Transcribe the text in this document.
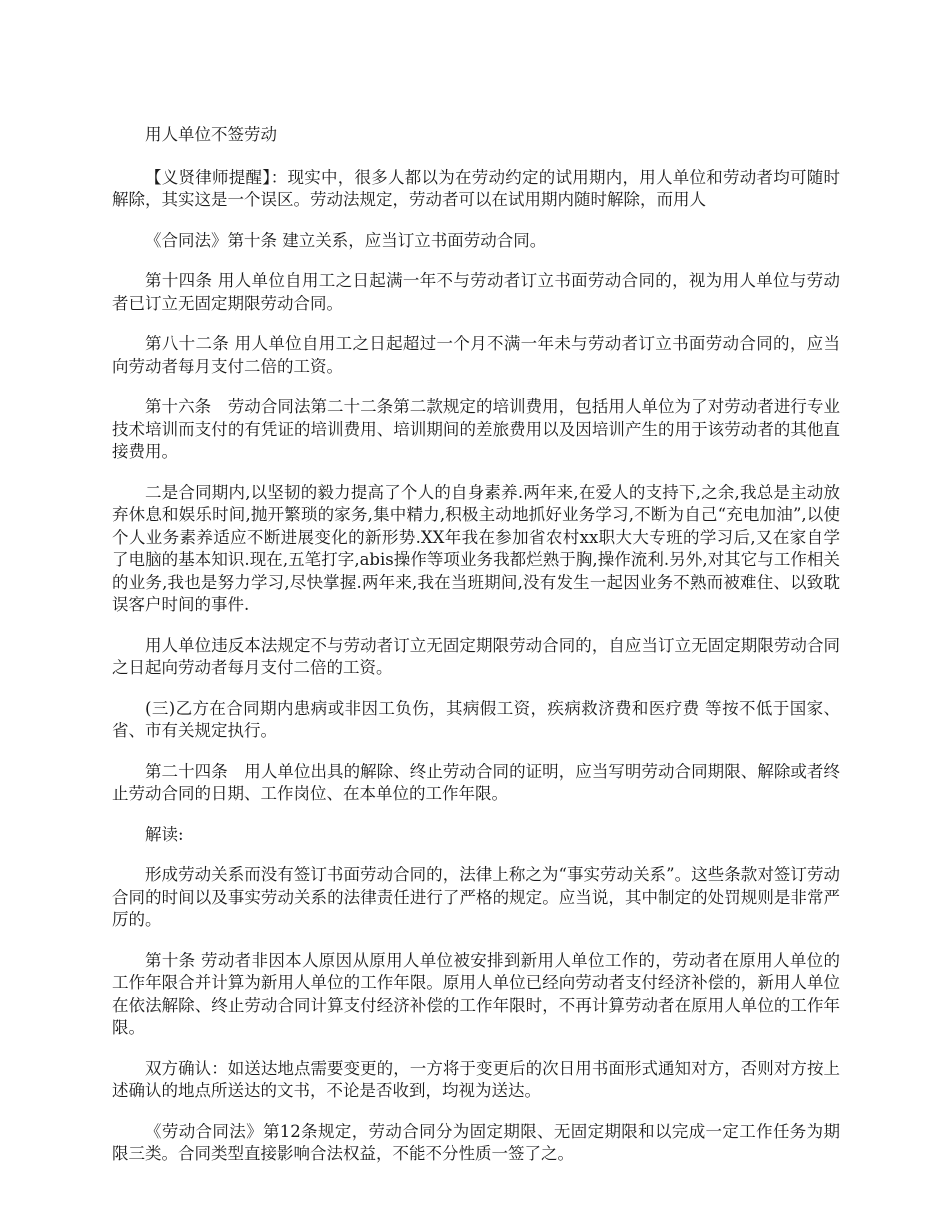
用人单位不签劳动

【义贤律师提醒】：现实中，很多人都以为在劳动约定的试用期内，用人单位和劳动者均可随时解除，其实这是一个误区。劳动法规定，劳动者可以在试用期内随时解除，而用人

《合同法》第十条 建立关系，应当订立书面劳动合同。

第十四条 用人单位自用工之日起满一年不与劳动者订立书面劳动合同的，视为用人单位与劳动者已订立无固定期限劳动合同。

第八十二条 用人单位自用工之日起超过一个月不满一年未与劳动者订立书面劳动合同的，应当向劳动者每月支付二倍的工资。

第十六条　劳动合同法第二十二条第二款规定的培训费用，包括用人单位为了对劳动者进行专业技术培训而支付的有凭证的培训费用、培训期间的差旅费用以及因培训产生的用于该劳动者的其他直接费用。

二是合同期内,以坚韧的毅力提高了个人的自身素养.两年来,在爱人的支持下,之余,我总是主动放弃休息和娱乐时间,抛开繁琐的家务,集中精力,积极主动地抓好业务学习,不断为自己“充电加油”,以使个人业务素养适应不断进展变化的新形势.XX年我在参加省农村xx职大大专班的学习后,又在家自学了电脑的基本知识.现在,五笔打字,abis操作等项业务我都烂熟于胸,操作流利.另外,对其它与工作相关的业务,我也是努力学习,尽快掌握.两年来,我在当班期间,没有发生一起因业务不熟而被难住、以致耽误客户时间的事件.

用人单位违反本法规定不与劳动者订立无固定期限劳动合同的，自应当订立无固定期限劳动合同之日起向劳动者每月支付二倍的工资。

(三)乙方在合同期内患病或非因工负伤，其病假工资，疾病救济费和医疗费 等按不低于国家、省、市有关规定执行。

第二十四条　用人单位出具的解除、终止劳动合同的证明，应当写明劳动合同期限、解除或者终止劳动合同的日期、工作岗位、在本单位的工作年限。

解读:

形成劳动关系而没有签订书面劳动合同的，法律上称之为“事实劳动关系”。这些条款对签订劳动合同的时间以及事实劳动关系的法律责任进行了严格的规定。应当说，其中制定的处罚规则是非常严厉的。

第十条 劳动者非因本人原因从原用人单位被安排到新用人单位工作的，劳动者在原用人单位的工作年限合并计算为新用人单位的工作年限。原用人单位已经向劳动者支付经济补偿的，新用人单位在依法解除、终止劳动合同计算支付经济补偿的工作年限时，不再计算劳动者在原用人单位的工作年限。

双方确认：如送达地点需要变更的，一方将于变更后的次日用书面形式通知对方，否则对方按上述确认的地点所送达的文书，不论是否收到，均视为送达。

《劳动合同法》第12条规定，劳动合同分为固定期限、无固定期限和以完成一定工作任务为期限三类。合同类型直接影响合法权益，不能不分性质一签了之。
